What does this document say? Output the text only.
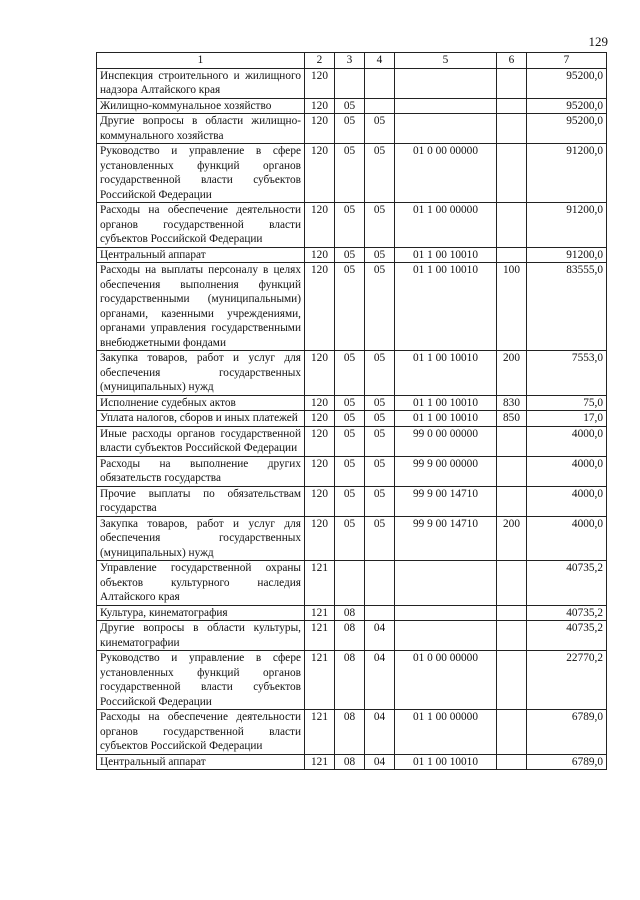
129
1	2	3	4	5	6	7
Инспекция строительного и жилищного надзора Алтайского края	120					95200,0
Жилищно-коммунальное хозяйство	120	05				95200,0
Другие вопросы в области жилищно-коммунального хозяйства	120	05	05			95200,0
Руководство и управление в сфере установленных функций органов государственной власти субъектов Российской Федерации	120	05	05	01 0 00 00000		91200,0
Расходы на обеспечение деятельности органов государственной власти субъектов Российской Федерации	120	05	05	01 1 00 00000		91200,0
Центральный аппарат	120	05	05	01 1 00 10010		91200,0
Расходы на выплаты персоналу в целях обеспечения выполнения функций государственными (муниципальными) органами, казенными учреждениями, органами управления государственными внебюджетными фондами	120	05	05	01 1 00 10010	100	83555,0
Закупка товаров, работ и услуг для обеспечения государственных (муниципальных) нужд	120	05	05	01 1 00 10010	200	7553,0
Исполнение судебных актов	120	05	05	01 1 00 10010	830	75,0
Уплата налогов, сборов и иных платежей	120	05	05	01 1 00 10010	850	17,0
Иные расходы органов государственной власти субъектов Российской Федерации	120	05	05	99 0 00 00000		4000,0
Расходы на выполнение других обязательств государства	120	05	05	99 9 00 00000		4000,0
Прочие выплаты по обязательствам государства	120	05	05	99 9 00 14710		4000,0
Закупка товаров, работ и услуг для обеспечения государственных (муниципальных) нужд	120	05	05	99 9 00 14710	200	4000,0
Управление государственной охраны объектов культурного наследия Алтайского края	121					40735,2
Культура, кинематография	121	08				40735,2
Другие вопросы в области культуры, кинематографии	121	08	04			40735,2
Руководство и управление в сфере установленных функций органов государственной власти субъектов Российской Федерации	121	08	04	01 0 00 00000		22770,2
Расходы на обеспечение деятельности органов государственной власти субъектов Российской Федерации	121	08	04	01 1 00 00000		6789,0
Центральный аппарат	121	08	04	01 1 00 10010		6789,0
